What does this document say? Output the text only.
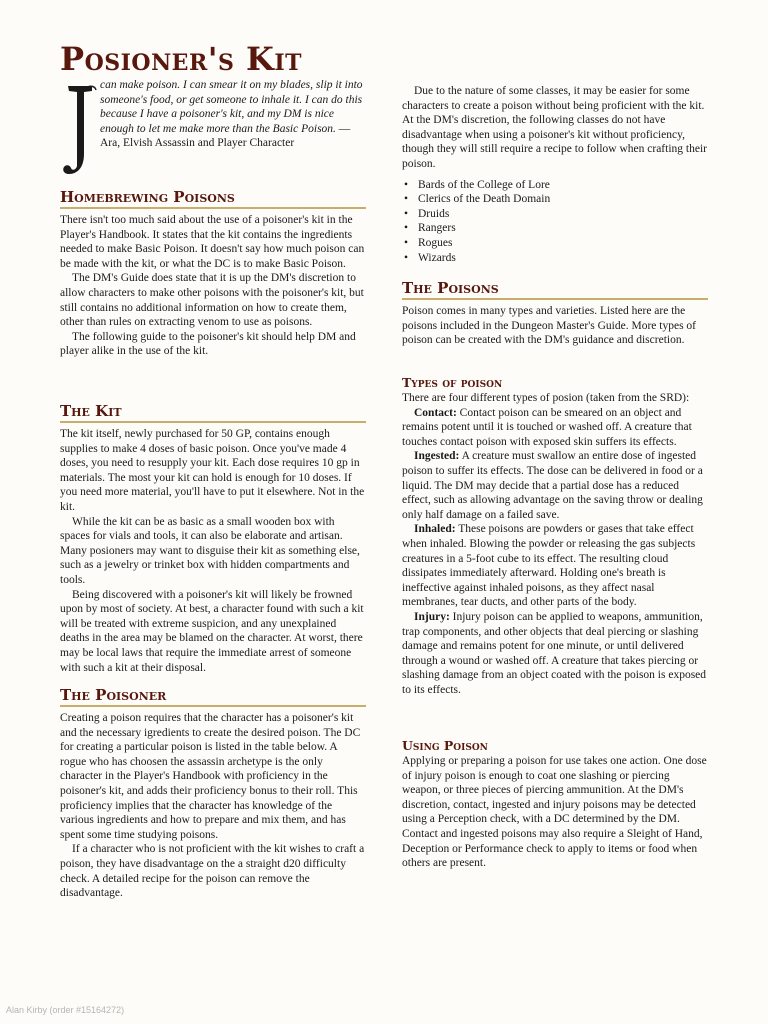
Posioner's Kit

can make poison. I can smear it on my blades, slip it into someone's food, or get someone to inhale it. I can do this because I have a poisoner's kit, and my DM is nice enough to let me make more than the Basic Poison. —Ara, Elvish Assassin and Player Character

Homebrewing Poisons

There isn't too much said about the use of a poisoner's kit in the Player's Handbook. It states that the kit contains the ingredients needed to make Basic Poison. It doesn't say how much poison can be made with the kit, or what the DC is to make Basic Poison.

The DM's Guide does state that it is up the DM's discretion to allow characters to make other poisons with the poisoner's kit, but still contains no additional information on how to create them, other than rules on extracting venom to use as poisons.

The following guide to the poisoner's kit should help DM and player alike in the use of the kit.

The Kit

The kit itself, newly purchased for 50 GP, contains enough supplies to make 4 doses of basic poison. Once you've made 4 doses, you need to resupply your kit. Each dose requires 10 gp in materials. The most your kit can hold is enough for 10 doses. If you need more material, you'll have to put it elsewhere. Not in the kit.

While the kit can be as basic as a small wooden box with spaces for vials and tools, it can also be elaborate and artisan. Many posioners may want to disguise their kit as something else, such as a jewelry or trinket box with hidden compartments and tools.

Being discovered with a poisoner's kit will likely be frowned upon by most of society. At best, a character found with such a kit will be treated with extreme suspicion, and any unexplained deaths in the area may be blamed on the character. At worst, there may be local laws that require the immediate arrest of someone with such a kit at their disposal.

The Poisoner

Creating a poison requires that the character has a poisoner's kit and the necessary igredients to create the desired poison. The DC for creating a particular poison is listed in the table below. A rogue who has choosen the assassin archetype is the only character in the Player's Handbook with proficiency in the poisoner's kit, and adds their proficiency bonus to their roll. This proficiency implies that the character has knowledge of the various ingredients and how to prepare and mix them, and has spent some time studying poisons.

If a character who is not proficient with the kit wishes to craft a poison, they have disadvantage on the a straight d20 difficulty check. A detailed recipe for the poison can remove the disadvantage.

Due to the nature of some classes, it may be easier for some characters to create a poison without being proficient with the kit. At the DM's discretion, the following classes do not have disadvantage when using a poisoner's kit without proficiency, though they will still require a recipe to follow when crafting their poison.

• Bards of the College of Lore
• Clerics of the Death Domain
• Druids
• Rangers
• Rogues
• Wizards
The Poisons

Poison comes in many types and varieties. Listed here are the poisons included in the Dungeon Master's Guide. More types of poison can be created with the DM's guidance and discretion.

Types of poison

There are four different types of posion (taken from the SRD):

Contact: Contact poison can be smeared on an object and remains potent until it is touched or washed off. A creature that touches contact poison with exposed skin suffers its effects.

Ingested: A creature must swallow an entire dose of ingested poison to suffer its effects. The dose can be delivered in food or a liquid. The DM may decide that a partial dose has a reduced effect, such as allowing advantage on the saving throw or dealing only half damage on a failed save.

Inhaled: These poisons are powders or gases that take effect when inhaled. Blowing the powder or releasing the gas subjects creatures in a 5-foot cube to its effect. The resulting cloud dissipates immediately afterward. Holding one's breath is ineffective against inhaled poisons, as they affect nasal membranes, tear ducts, and other parts of the body.

Injury: Injury poison can be applied to weapons, ammunition, trap components, and other objects that deal piercing or slashing damage and remains potent for one minute, or until delivered through a wound or washed off. A creature that takes piercing or slashing damage from an object coated with the poison is exposed to its effects.

Using Poison

Applying or preparing a poison for use takes one action. One dose of injury poison is enough to coat one slashing or piercing weapon, or three pieces of piercing ammunition. At the DM's discretion, contact, ingested and injury poisons may be detected using a Perception check, with a DC determined by the DM. Contact and ingested poisons may also require a Sleight of Hand, Deception or Performance check to apply to items or food when others are present.

Alan Kirby (order #15164272)
